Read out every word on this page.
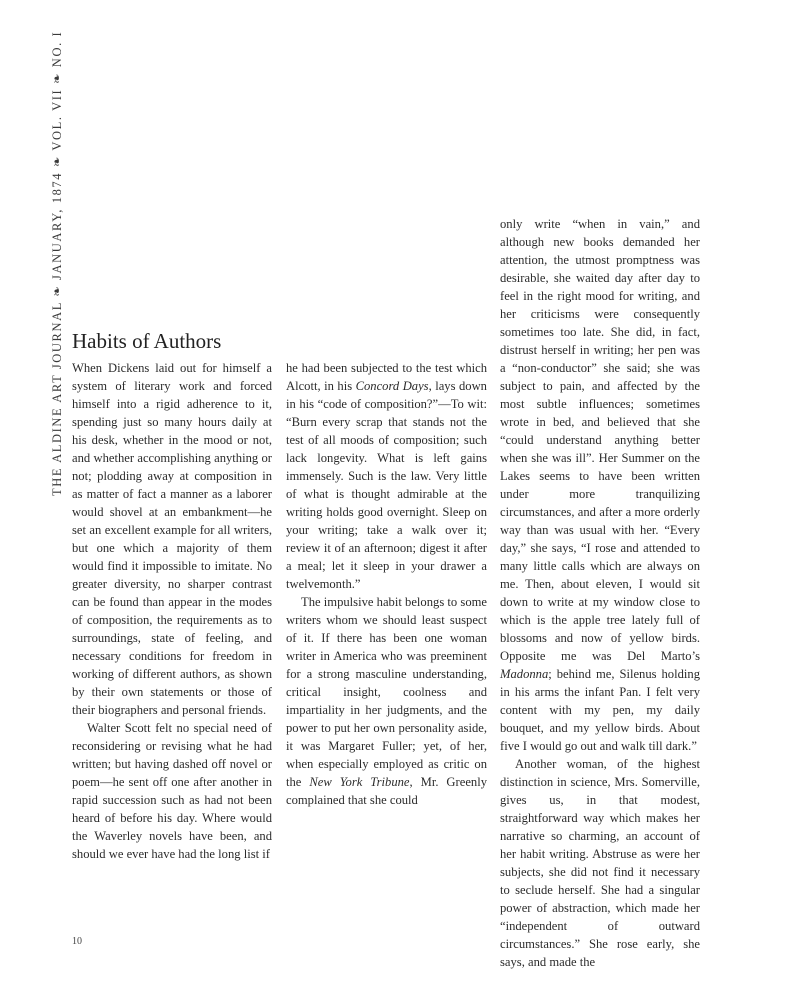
THE ALDINE ART JOURNAL ❧ JANUARY, 1874 ❧ VOL. VII ❧ NO. I Habits of Authors

When Dickens laid out for himself a system of literary work and forced himself into a rigid adherence to it, spending just so many hours daily at his desk, whether in the mood or not, and whether accomplishing anything or not; plodding away at composition in as matter of fact a manner as a laborer would shovel at an embankment—he set an excellent example for all writers, but one which a majority of them would find it impossible to imitate. No greater diversity, no sharper contrast can be found than appear in the modes of composition, the requirements as to surroundings, state of feeling, and necessary conditions for freedom in working of different authors, as shown by their own statements or those of their biographers and personal friends.

Walter Scott felt no special need of reconsidering or revising what he had written; but having dashed off novel or poem—he sent off one after another in rapid succession such as had not been heard of before his day. Where would the Waverley novels have been, and should we ever have had the long list if

he had been subjected to the test which Alcott, in his Concord Days, lays down in his “code of composition?”—To wit: “Burn every scrap that stands not the test of all moods of composition; such lack longevity. What is left gains immensely. Such is the law. Very little of what is thought admirable at the writing holds good overnight. Sleep on your writing; take a walk over it; review it of an afternoon; digest it after a meal; let it sleep in your drawer a twelvemonth.”

The impulsive habit belongs to some writers whom we should least suspect of it. If there has been one woman writer in America who was preeminent for a strong masculine understanding, critical insight, coolness and impartiality in her judgments, and the power to put her own personality aside, it was Margaret Fuller; yet, of her, when especially employed as critic on the New York Tribune, Mr. Greenly complained that she could

only write “when in vain,” and although new books demanded her attention, the utmost promptness was desirable, she waited day after day to feel in the right mood for writing, and her criticisms were consequently sometimes too late. She did, in fact, distrust herself in writing; her pen was a “non-conductor” she said; she was subject to pain, and affected by the most subtle influences; sometimes wrote in bed, and believed that she “could understand anything better when she was ill”. Her Summer on the Lakes seems to have been written under more tranquilizing circumstances, and after a more orderly way than was usual with her. “Every day,” she says, “I rose and attended to many little calls which are always on me. Then, about eleven, I would sit down to write at my window close to which is the apple tree lately full of blossoms and now of yellow birds. Opposite me was Del Marto’s Madonna; behind me, Silenus holding in his arms the infant Pan. I felt very content with my pen, my daily bouquet, and my yellow birds. About five I would go out and walk till dark.”

Another woman, of the highest distinction in science, Mrs. Somerville, gives us, in that modest, straightforward way which makes her narrative so charming, an account of her habit writing. Abstruse as were her subjects, she did not find it necessary to seclude herself. She had a singular power of abstraction, which made her “independent of outward circumstances.” She rose early, she says, and made the

10
